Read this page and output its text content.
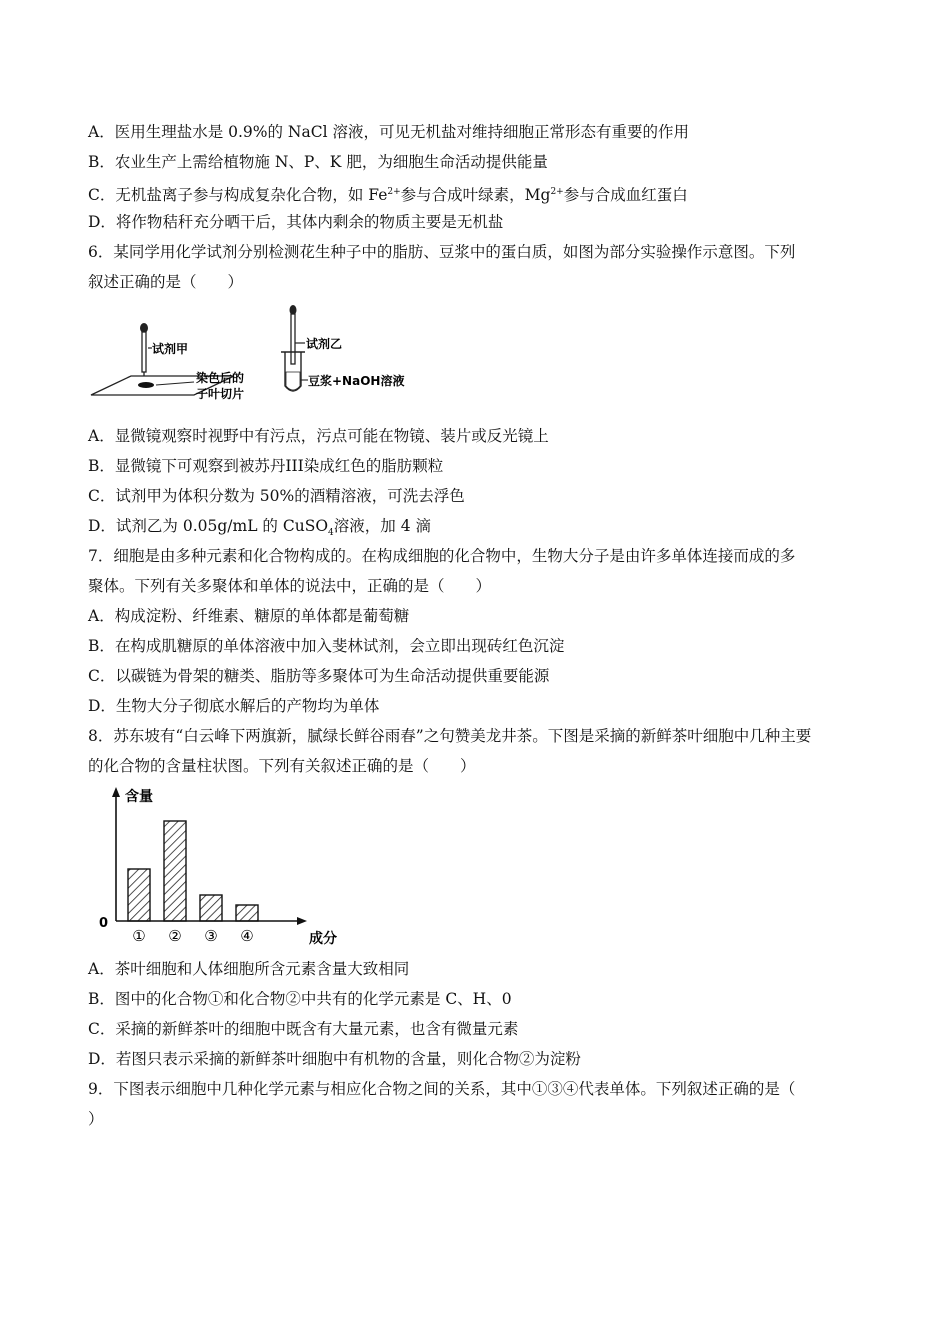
A．医用生理盐水是 0.9%的 NaCl 溶液，可见无机盐对维持细胞正常形态有重要的作用
B．农业生产上需给植物施 N、P、K 肥，为细胞生命活动提供能量
C．无机盐离子参与构成复杂化合物，如 $Fe^{2+}$参与合成叶绿素，$Mg^{2+}$参与合成血红蛋白
D．将作物秸秆充分晒干后，其体内剩余的物质主要是无机盐
6．某同学用化学试剂分别检测花生种子中的脂肪、豆浆中的蛋白质，如图为部分实验操作示意图。下列
叙述正确的是（　　）
试剂甲
染色后的
子叶切片
试剂乙
豆浆+NaOH溶液
A．显微镜观察时视野中有污点，污点可能在物镜、装片或反光镜上
B．显微镜下可观察到被苏丹III染成红色的脂肪颗粒
C．试剂甲为体积分数为 50%的酒精溶液，可洗去浮色
D．试剂乙为 0.05g/mL 的 CuSO$_4$溶液，加 4 滴
7．细胞是由多种元素和化合物构成的。在构成细胞的化合物中，生物大分子是由许多单体连接而成的多
聚体。下列有关多聚体和单体的说法中，正确的是（　　）
A．构成淀粉、纤维素、糖原的单体都是葡萄糖
B．在构成肌糖原的单体溶液中加入斐林试剂，会立即出现砖红色沉淀
C．以碳链为骨架的糖类、脂肪等多聚体可为生命活动提供重要能源
D．生物大分子彻底水解后的产物均为单体
8．苏东坡有“白云峰下两旗新，腻绿长鲜谷雨春”之句赞美龙井茶。下图是采摘的新鲜茶叶细胞中几种主要
的化合物的含量柱状图。下列有关叙述正确的是（　　）
含量
成分
0
① ② ③ ④
A．茶叶细胞和人体细胞所含元素含量大致相同
B．图中的化合物①和化合物②中共有的化学元素是 C、H、0
C．采摘的新鲜茶叶的细胞中既含有大量元素，也含有微量元素
D．若图只表示采摘的新鲜茶叶细胞中有机物的含量，则化合物②为淀粉
9．下图表示细胞中几种化学元素与相应化合物之间的关系，其中①③④代表单体。下列叙述正确的是（
）
